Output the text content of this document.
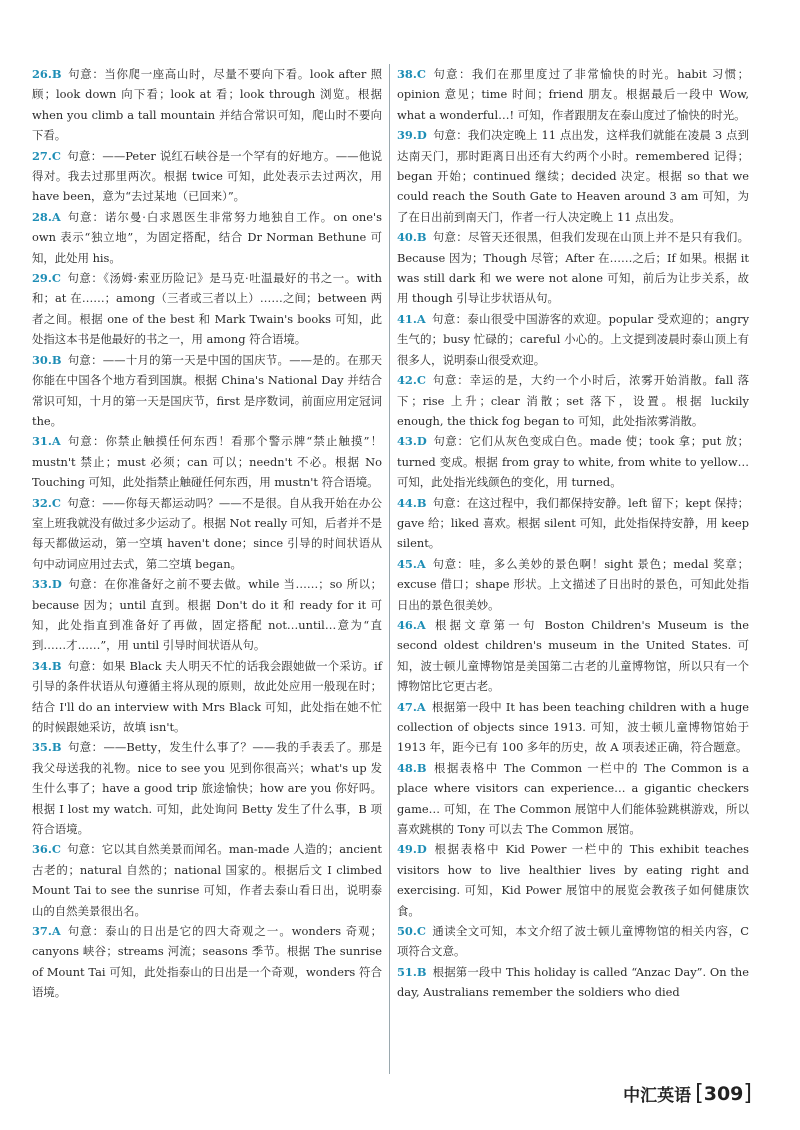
26.B 句意：当你爬一座高山时，尽量不要向下看。look after 照顾；look down 向下看；look at 看；look through 浏览。根据 when you climb a tall mountain 并结合常识可知，爬山时不要向下看。
27.C 句意：——Peter 说红石峡谷是一个罕有的好地方。——他说得对。我去过那里两次。根据 twice 可知，此处表示去过两次，用 have been，意为“去过某地（已回来）”。
28.A 句意：诺尔曼·白求恩医生非常努力地独自工作。on one's own 表示“独立地”，为固定搭配，结合 Dr Norman Bethune 可知，此处用 his。
29.C 句意：《汤姆·索亚历险记》是马克·吐温最好的书之一。with 和；at 在……；among（三者或三者以上）……之间；between 两者之间。根据 one of the best 和 Mark Twain's books 可知，此处指这本书是他最好的书之一，用 among 符合语境。
30.B 句意：——十月的第一天是中国的国庆节。——是的。在那天你能在中国各个地方看到国旗。根据 China's National Day 并结合常识可知，十月的第一天是国庆节，first 是序数词，前面应用定冠词 the。
31.A 句意：你禁止触摸任何东西！看那个警示牌“禁止触摸”！mustn't 禁止；must 必须；can 可以；needn't 不必。根据 No Touching 可知，此处指禁止触碰任何东西，用 mustn't 符合语境。
32.C 句意：——你每天都运动吗？——不是很。自从我开始在办公室上班我就没有做过多少运动了。根据 Not really 可知，后者并不是每天都做运动，第一空填 haven't done；since 引导的时间状语从句中动词应用过去式，第二空填 began。
33.D 句意：在你准备好之前不要去做。while 当……；so 所以；because 因为；until 直到。根据 Don't do it 和 ready for it 可知，此处指直到准备好了再做，固定搭配 not…until…意为“直到……才……”，用 until 引导时间状语从句。
34.B 句意：如果 Black 夫人明天不忙的话我会跟她做一个采访。if 引导的条件状语从句遵循主将从现的原则，故此处应用一般现在时；结合 I'll do an interview with Mrs Black 可知，此处指在她不忙的时候跟她采访，故填 isn't。
35.B 句意：——Betty，发生什么事了？——我的手表丢了。那是我父母送我的礼物。nice to see you 见到你很高兴；what's up 发生什么事了；have a good trip 旅途愉快；how are you 你好吗。根据 I lost my watch. 可知，此处询问 Betty 发生了什么事，B 项符合语境。
36.C 句意：它以其自然美景而闻名。man-made 人造的；ancient 古老的；natural 自然的；national 国家的。根据后文 I climbed Mount Tai to see the sunrise 可知，作者去泰山看日出，说明泰山的自然美景很出名。
37.A 句意：泰山的日出是它的四大奇观之一。wonders 奇观；canyons 峡谷；streams 河流；seasons 季节。根据 The sunrise of Mount Tai 可知，此处指泰山的日出是一个奇观，wonders 符合语境。
38.C 句意：我们在那里度过了非常愉快的时光。habit 习惯；opinion 意见；time 时间；friend 朋友。根据最后一段中 Wow, what a wonderful…! 可知，作者跟朋友在泰山度过了愉快的时光。
39.D 句意：我们决定晚上 11 点出发，这样我们就能在凌晨 3 点到达南天门，那时距离日出还有大约两个小时。remembered 记得；began 开始；continued 继续；decided 决定。根据 so that we could reach the South Gate to Heaven around 3 am 可知，为了在日出前到南天门，作者一行人决定晚上 11 点出发。
40.B 句意：尽管天还很黑，但我们发现在山顶上并不是只有我们。Because 因为；Though 尽管；After 在……之后；If 如果。根据 it was still dark 和 we were not alone 可知，前后为让步关系，故用 though 引导让步状语从句。
41.A 句意：泰山很受中国游客的欢迎。popular 受欢迎的；angry 生气的；busy 忙碌的；careful 小心的。上文提到凌晨时泰山顶上有很多人，说明泰山很受欢迎。
42.C 句意：幸运的是，大约一个小时后，浓雾开始消散。fall 落下；rise 上升；clear 消散；set 落下，设置。根据 luckily enough, the thick fog began to 可知，此处指浓雾消散。
43.D 句意：它们从灰色变成白色。made 使；took 拿；put 放；turned 变成。根据 from gray to white, from white to yellow…可知，此处指光线颜色的变化，用 turned。
44.B 句意：在这过程中，我们都保持安静。left 留下；kept 保持；gave 给；liked 喜欢。根据 silent 可知，此处指保持安静，用 keep silent。
45.A 句意：哇，多么美妙的景色啊！sight 景色；medal 奖章；excuse 借口；shape 形状。上文描述了日出时的景色，可知此处指日出的景色很美妙。
46.A 根据文章第一句 Boston Children's Museum is the second oldest children's museum in the United States. 可知，波士顿儿童博物馆是美国第二古老的儿童博物馆，所以只有一个博物馆比它更古老。
47.A 根据第一段中 It has been teaching children with a huge collection of objects since 1913. 可知，波士顿儿童博物馆始于 1913 年，距今已有 100 多年的历史，故 A 项表述正确，符合题意。
48.B 根据表格中 The Common 一栏中的 The Common is a place where visitors can experience… a gigantic checkers game… 可知，在 The Common 展馆中人们能体验跳棋游戏，所以喜欢跳棋的 Tony 可以去 The Common 展馆。
49.D 根据表格中 Kid Power 一栏中的 This exhibit teaches visitors how to live healthier lives by eating right and exercising. 可知，Kid Power 展馆中的展览会教孩子如何健康饮食。
50.C 通读全文可知，本文介绍了波士顿儿童博物馆的相关内容，C 项符合文意。
51.B 根据第一段中 This holiday is called “Anzac Day”. On the day, Australians remember the soldiers who died
中汇英语 [ 309 ]
